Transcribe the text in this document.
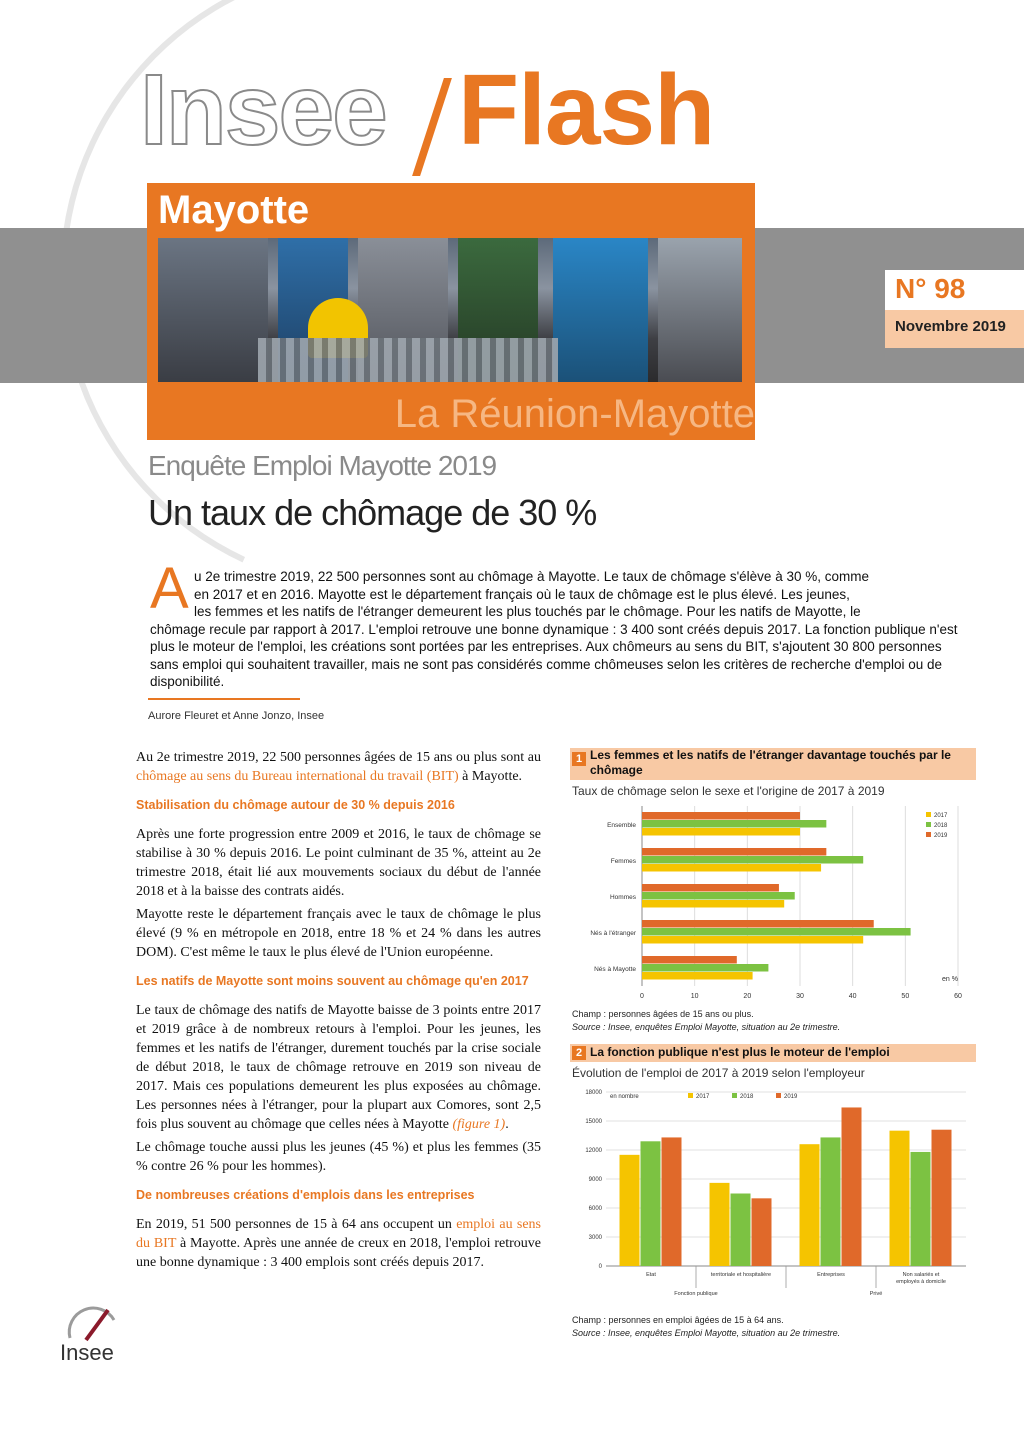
Insee Flash
Mayotte
La Réunion-Mayotte
N° 98
Novembre 2019
Enquête Emploi Mayotte 2019
Un taux de chômage de 30 %
A u 2e trimestre 2019, 22 500 personnes sont au chômage à Mayotte. Le taux de chômage s'élève à 30 %, comme
en 2017 et en 2016. Mayotte est le département français où le taux de chômage est le plus élevé. Les jeunes,
les femmes et les natifs de l'étranger demeurent les plus touchés par le chômage. Pour les natifs de Mayotte, le
chômage recule par rapport à 2017. L'emploi retrouve une bonne dynamique : 3 400 sont créés depuis 2017. La fonction publique n'est plus le moteur de l'emploi, les créations sont portées par les entreprises. Aux chômeurs au sens du BIT, s'ajoutent 30 800 personnes sans emploi qui souhaitent travailler, mais ne sont pas considérés comme chômeuses selon les critères de recherche d'emploi ou de disponibilité.
Aurore Fleuret et Anne Jonzo, Insee

Au 2e trimestre 2019, 22 500 personnes âgées de 15 ans ou plus sont au chômage au sens du Bureau international du travail (BIT) à Mayotte.

Stabilisation du chômage autour de 30 % depuis 2016

Après une forte progression entre 2009 et 2016, le taux de chômage se stabilise à 30 % depuis 2016. Le point culminant de 35 %, atteint au 2e trimestre 2018, était lié aux mouvements sociaux du début de l'année 2018 et à la baisse des contrats aidés.

Mayotte reste le département français avec le taux de chômage le plus élevé (9 % en métropole en 2018, entre 18 % et 24 % dans les autres DOM). C'est même le taux le plus élevé de l'Union européenne.

Les natifs de Mayotte sont moins souvent au chômage qu'en 2017

Le taux de chômage des natifs de Mayotte baisse de 3 points entre 2017 et 2019 grâce à de nombreux retours à l'emploi. Pour les jeunes, les femmes et les natifs de l'étranger, durement touchés par la crise sociale de début 2018, le taux de chômage retrouve en 2019 son niveau de 2017. Mais ces populations demeurent les plus exposées au chômage. Les personnes nées à l'étranger, pour la plupart aux Comores, sont 2,5 fois plus souvent au chômage que celles nées à Mayotte (figure 1).

Le chômage touche aussi plus les jeunes (45 %) et plus les femmes (35 % contre 26 % pour les hommes).

De nombreuses créations d'emplois dans les entreprises

En 2019, 51 500 personnes de 15 à 64 ans occupent un emploi au sens du BIT à Mayotte. Après une année de creux en 2018, l'emploi retrouve une bonne dynamique : 3 400 emplois sont créés depuis 2017.

Insee
1 Les femmes et les natifs de l'étranger davantage touchés par le chômage
Taux de chômage selon le sexe et l'origine de 2017 à 2019
0	10	20	30	40	50	60
Ensemble
Femmes
Hommes
Nés à l'étranger
Nés à Mayotte
2017
2018
2019
en %
Champ : personnes âgées de 15 ans ou plus.
Source : Insee, enquêtes Emploi Mayotte, situation au 2e trimestre.
2 La fonction publique n'est plus le moteur de l'emploi
Évolution de l'emploi de 2017 à 2019 selon l'employeur
0
3000
6000
9000
12000
15000
18000
en nombre	2017	2018	2019
Etat	territoriale et hospitalière	Entreprises	Non salariés et
employés à domicile
Fonction publique	Privé
Champ : personnes en emploi âgées de 15 à 64 ans.
Source : Insee, enquêtes Emploi Mayotte, situation au 2e trimestre.
